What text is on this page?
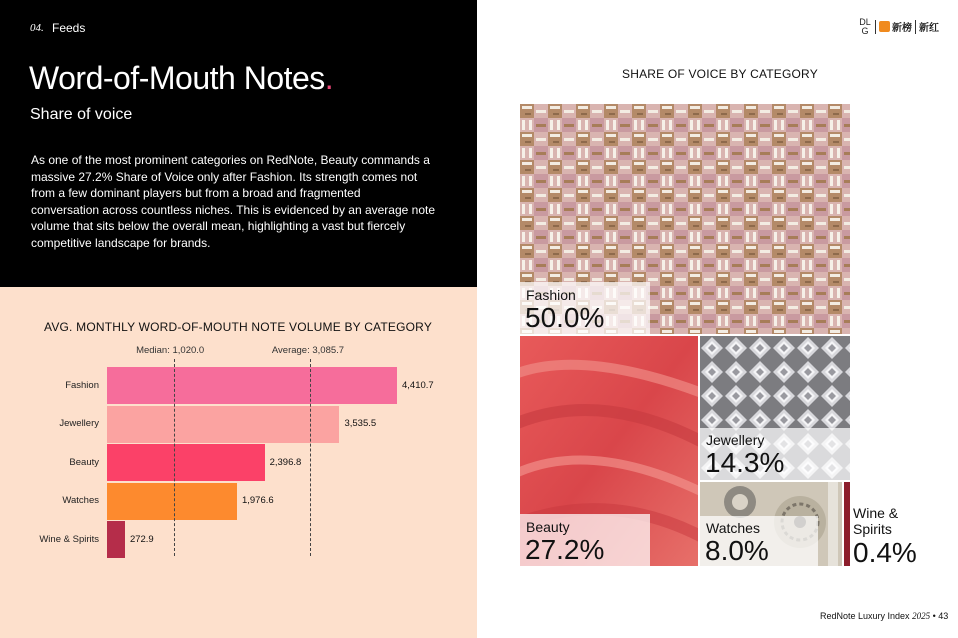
04. Feeds
Word-of-Mouth Notes.
Share of voice
As one of the most prominent categories on RedNote, Beauty commands a
massive 27.2% Share of Voice only after Fashion. Its strength comes not
from a few dominant players but from a broad and fragmented
conversation across countless niches. This is evidenced by an average note
volume that sits below the overall mean, highlighting a vast but fiercely
competitive landscape for brands.
AVG. MONTHLY WORD-OF-MOUTH NOTE VOLUME BY CATEGORY
Fashion	4,410.7
Jewellery	3,535.5
Beauty	2,396.8
Watches	1,976.6
Wine & Spirits	272.9
Median: 1,020.0	Average: 3,085.7
DL
G	新榜 新红
SHARE OF VOICE BY CATEGORY
Fashion
50.0%
Beauty
27.2%
Jewellery
14.3%
Watches
8.0%
Wine &
Spirits
0.4%
RedNote Luxury Index 2025 • 43
